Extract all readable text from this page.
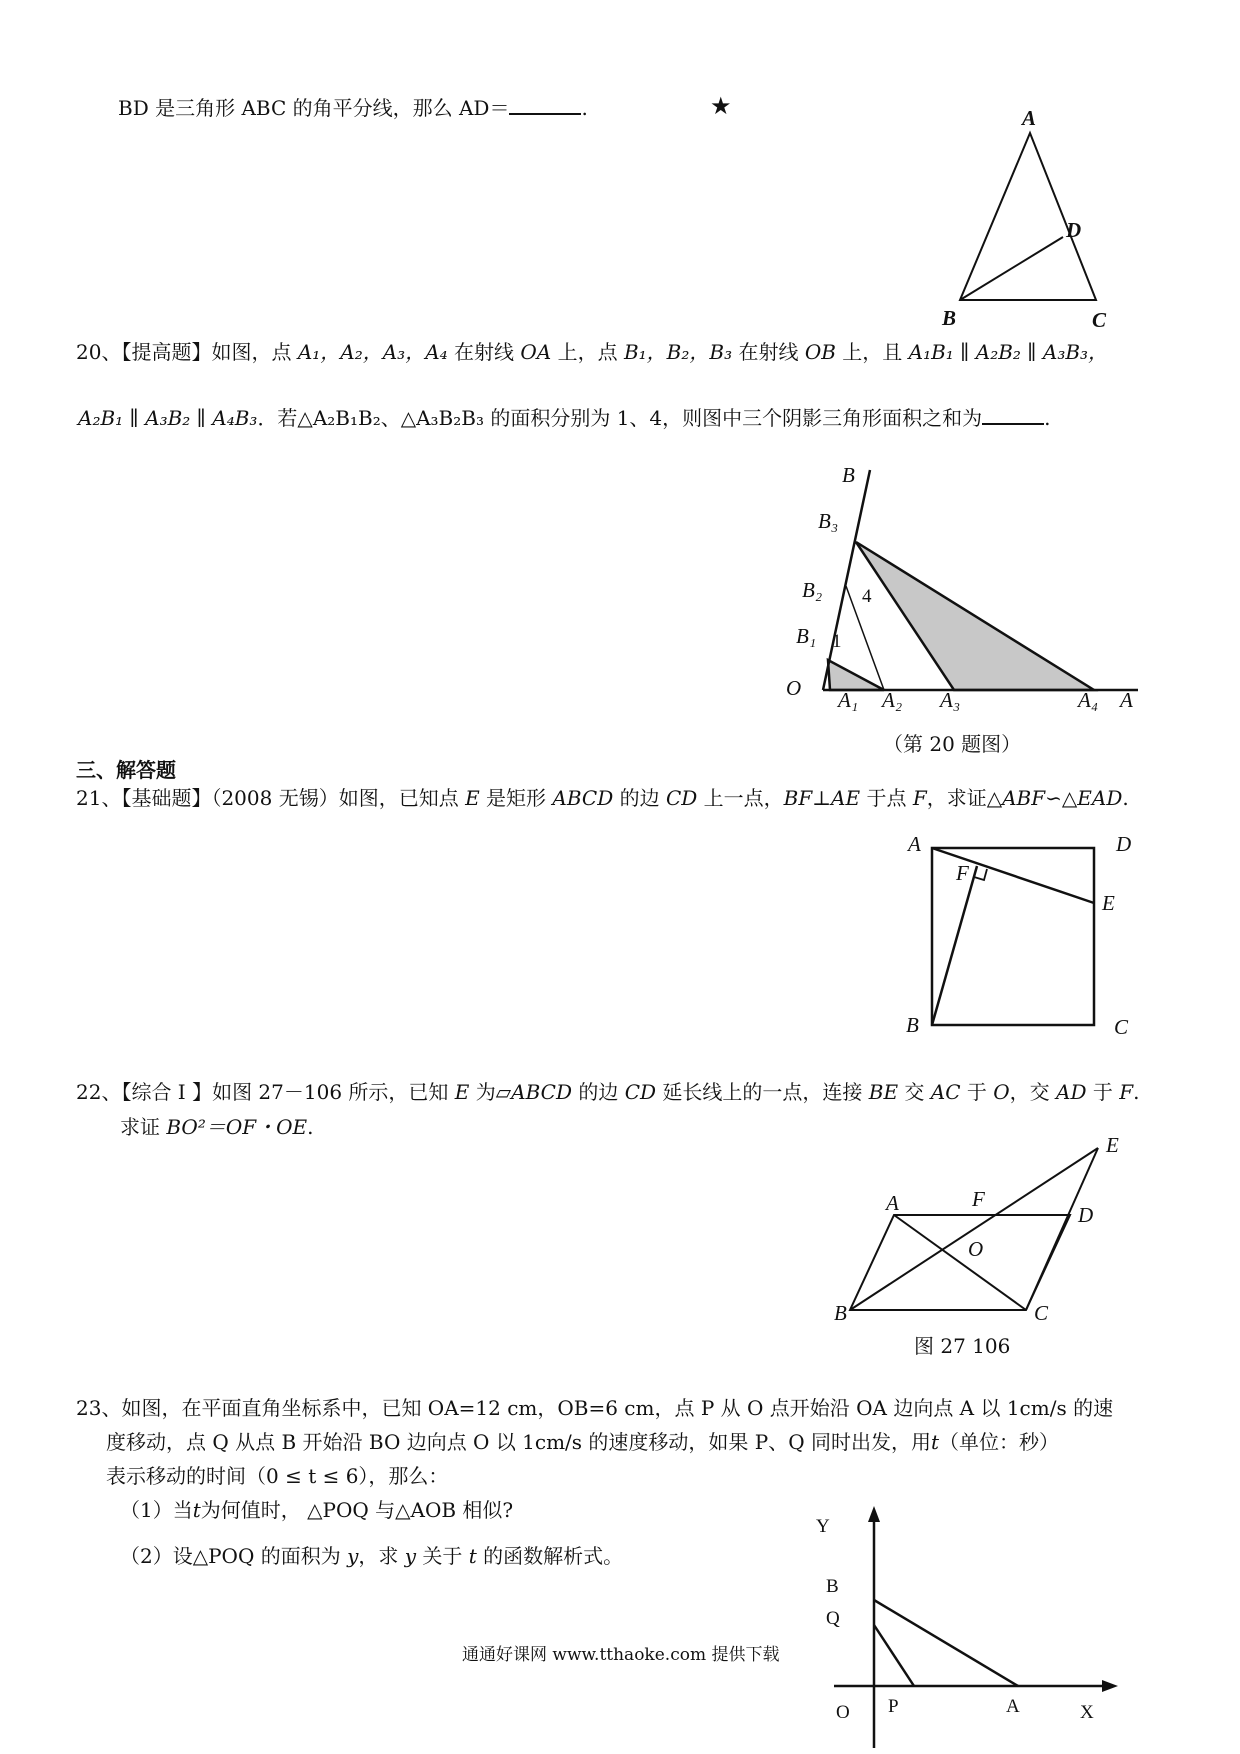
BD 是三角形 ABC 的角平分线，那么 AD＝	.	★	A
D
B	C
20、【提高题】如图，点 A₁，A₂，A₃，A₄ 在射线 OA 上，点 B₁，B₂，B₃ 在射线 OB 上，且 A₁B₁ ∥ A₂B₂ ∥ A₃B₃，
A₂B₁ ∥ A₃B₂ ∥ A₄B₃．若△A₂B₁B₂、△A₃B₂B₃ 的面积分别为 1、4，则图中三个阴影三角形面积之和为	.
B
B₃
B₂
B₁
O A₁ A₂ A₃	A₄ A
4
1
（第 20 题图）
三、解答题
21、【基础题】（2008 无锡）如图，已知点 E 是矩形 ABCD 的边 CD 上一点，BF⊥AE 于点 F，求证△ABF∽△EAD.
A	D
F
E
B	C
22、【综合 I 】如图 27－106 所示，已知 E 为▱ABCD 的边 CD 延长线上的一点，连接 BE 交 AC 于 O，交 AD 于 F.
求证 BO²＝OF・OE.
A	F
D
E
O
B	C
图 27 106
23、如图，在平面直角坐标系中，已知 OA=12 cm，OB=6 cm，点 P 从 O 点开始沿 OA 边向点 A 以 1cm/s 的速
度移动，点 Q 从点 B 开始沿 BO 边向点 O 以 1cm/s 的速度移动，如果 P、Q 同时出发，用t（单位：秒）
表示移动的时间（0 ≤ t ≤ 6），那么：
（1）当t为何值时， △POQ 与△AOB 相似?
（2）设△POQ 的面积为 y，求 y 关于 t 的函数解析式。
Y
B
Q
O P	A	X
通通好课网 www.tthaoke.com 提供下载
